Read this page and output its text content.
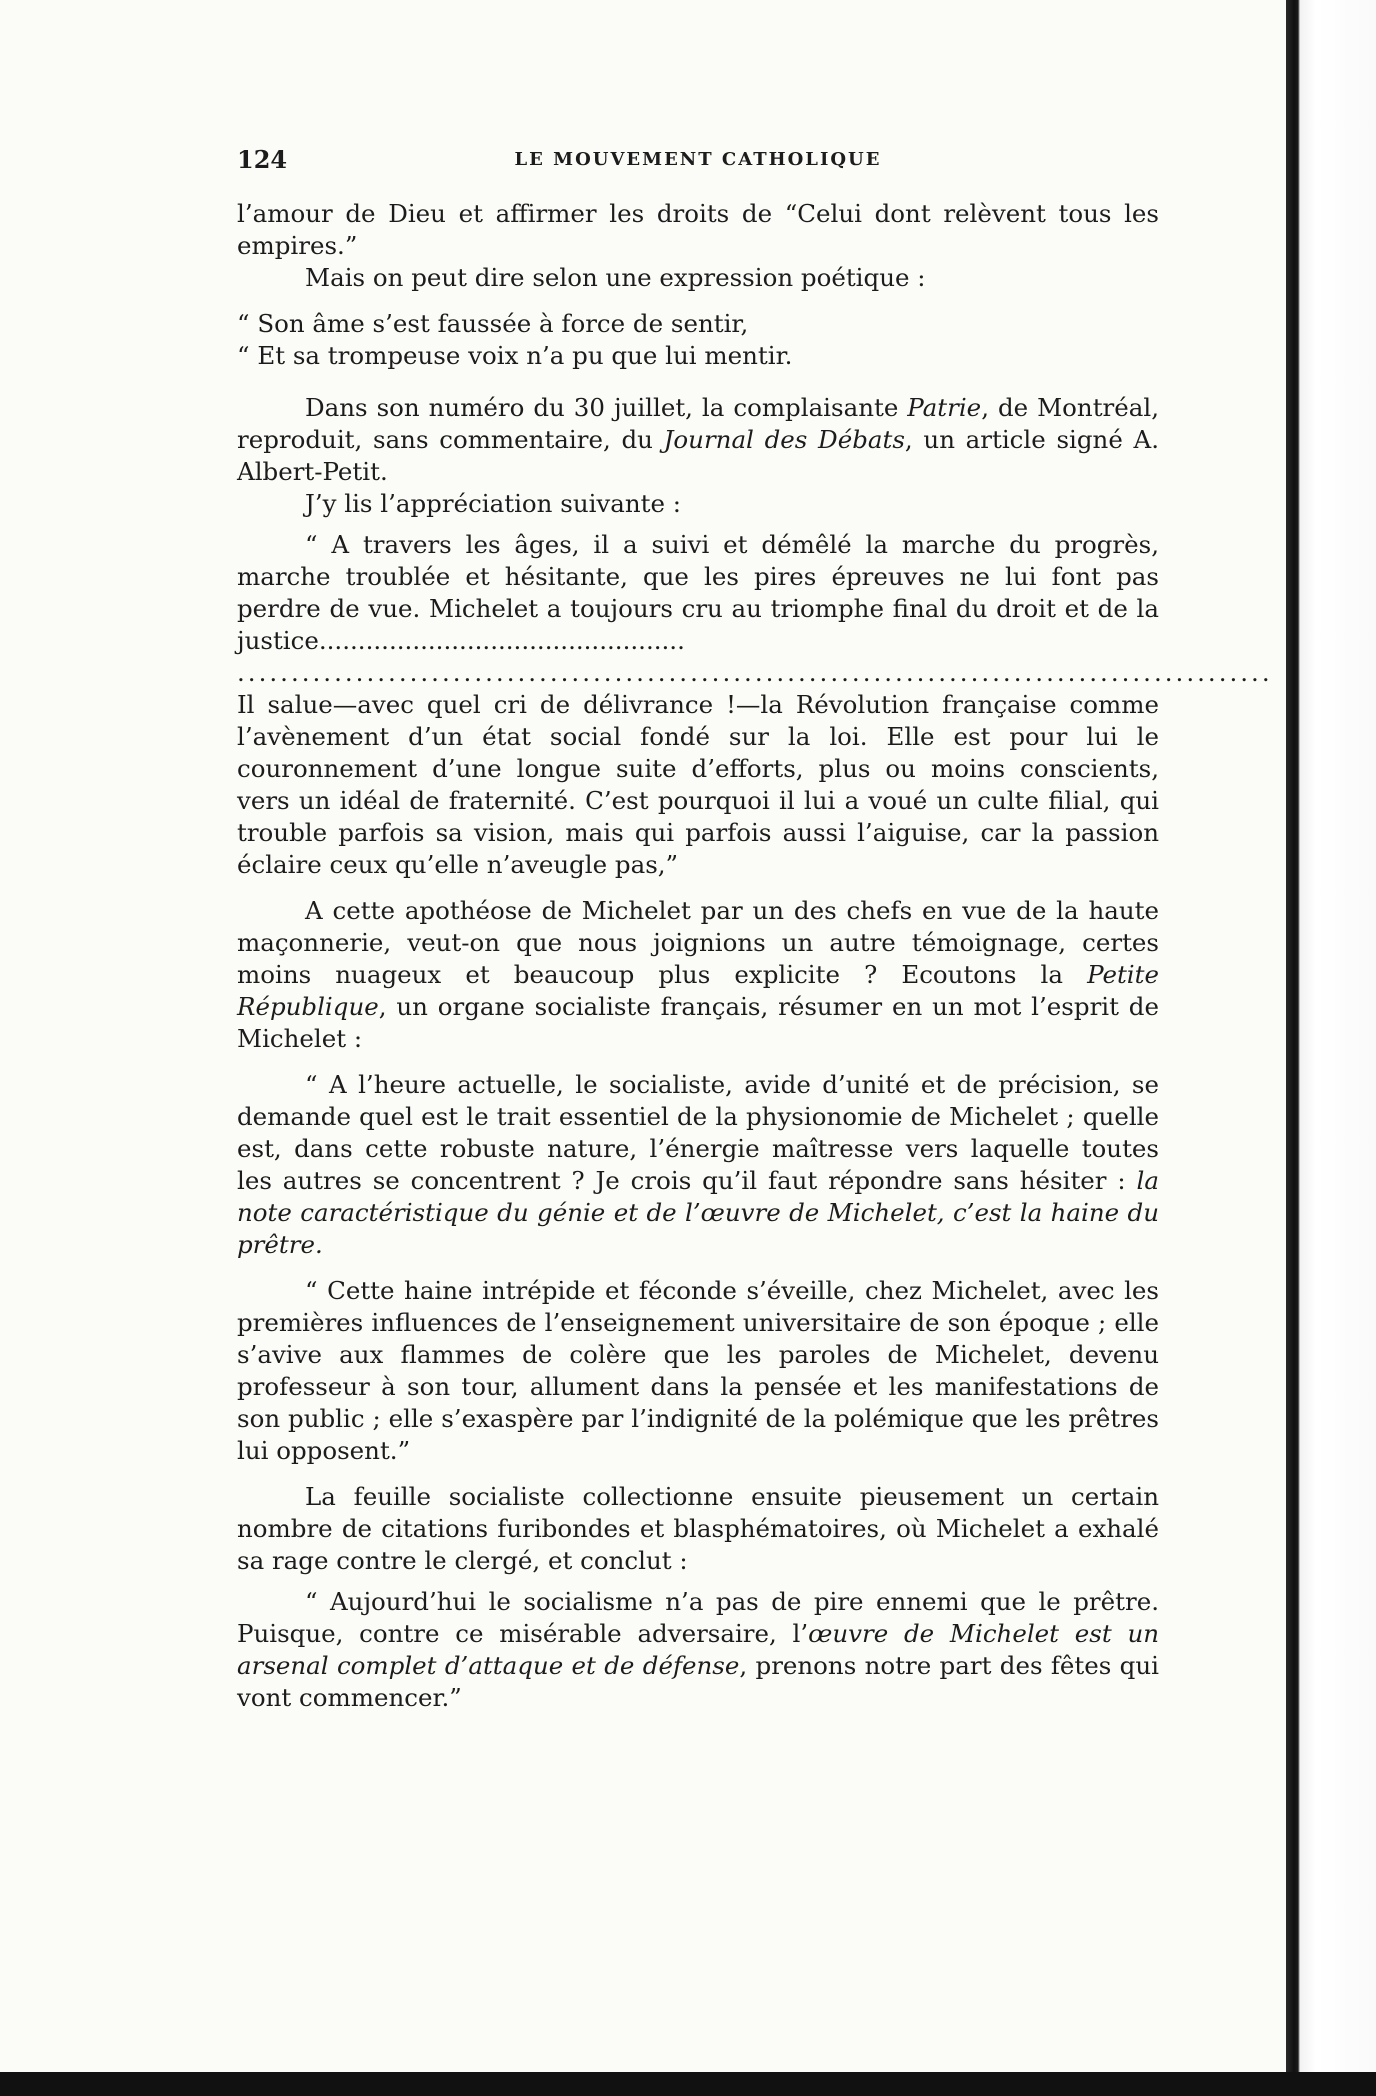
124	LE MOUVEMENT CATHOLIQUE

l’amour de Dieu et affirmer les droits de “Celui dont relèvent tous les empires.”

Mais on peut dire selon une expression poétique :

“ Son âme s’est faussée à force de sentir,

“ Et sa trompeuse voix n’a pu que lui mentir.

Dans son numéro du 30 juillet, la complaisante Patrie, de Montréal, reproduit, sans commentaire, du Journal des Débats, un article signé A. Albert-Petit.

J’y lis l’appréciation suivante :

“ A travers les âges, il a suivi et démêlé la marche du progrès, marche troublée et hésitante, que les pires épreuves ne lui font pas perdre de vue. Michelet a toujours cru au triomphe final du droit et de la justice...............................................

................................................................................................

Il salue—avec quel cri de délivrance !—la Révolution française comme l’avènement d’un état social fondé sur la loi. Elle est pour lui le couronnement d’une longue suite d’efforts, plus ou moins conscients, vers un idéal de fraternité. C’est pourquoi il lui a voué un culte filial, qui trouble parfois sa vision, mais qui parfois aussi l’aiguise, car la passion éclaire ceux qu’elle n’aveugle pas,”

A cette apothéose de Michelet par un des chefs en vue de la haute maçonnerie, veut-on que nous joignions un autre témoignage, certes moins nuageux et beaucoup plus explicite ? Ecoutons la Petite République, un organe socialiste français, résumer en un mot l’esprit de Michelet :

“ A l’heure actuelle, le socialiste, avide d’unité et de précision, se demande quel est le trait essentiel de la physionomie de Michelet ; quelle est, dans cette robuste nature, l’énergie maîtresse vers laquelle toutes les autres se concentrent ? Je crois qu’il faut répondre sans hésiter : la note caractéristique du génie et de l’œuvre de Michelet, c’est la haine du prêtre.

“ Cette haine intrépide et féconde s’éveille, chez Michelet, avec les premières influences de l’enseignement universitaire de son époque ; elle s’avive aux flammes de colère que les paroles de Michelet, devenu professeur à son tour, allument dans la pensée et les manifestations de son public ; elle s’exaspère par l’indignité de la polémique que les prêtres lui opposent.”

La feuille socialiste collectionne ensuite pieusement un certain nombre de citations furibondes et blasphématoires, où Michelet a exhalé sa rage contre le clergé, et conclut :

“ Aujourd’hui le socialisme n’a pas de pire ennemi que le prêtre. Puisque, contre ce misérable adversaire, l’œuvre de Michelet est un arsenal complet d’attaque et de défense, prenons notre part des fêtes qui vont commencer.”
